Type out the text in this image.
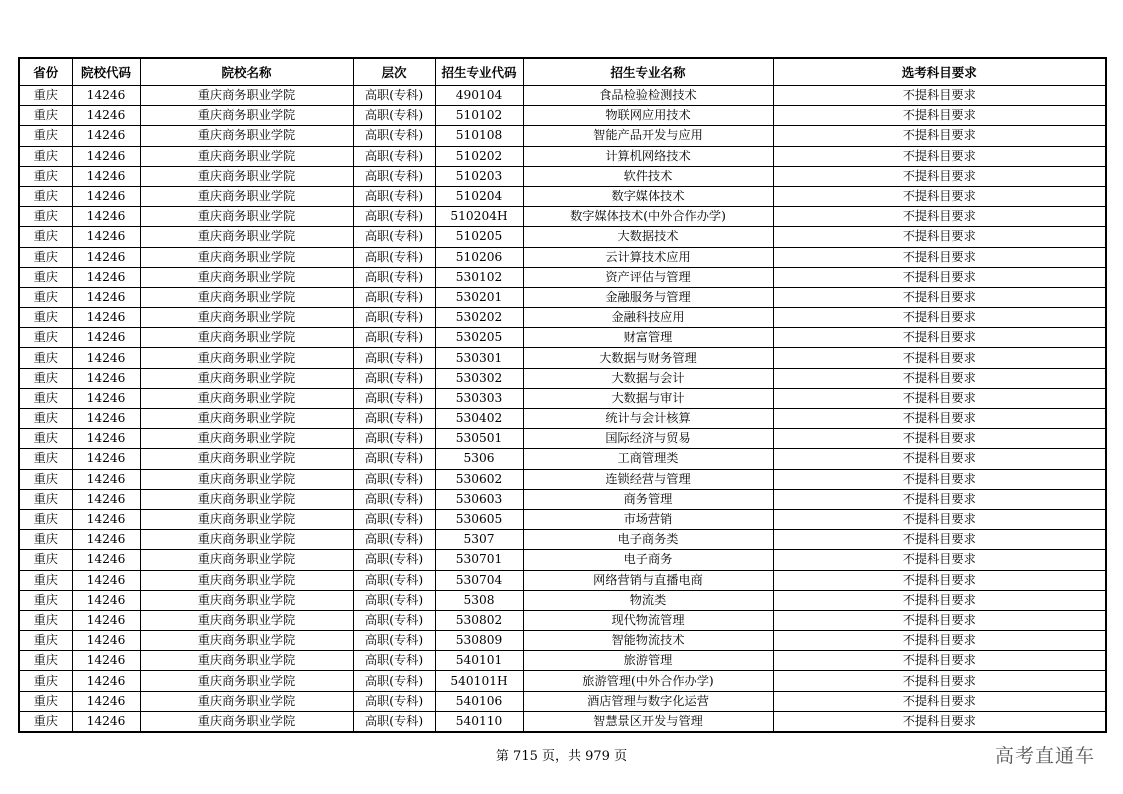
省份	院校代码	院校名称	层次	招生专业代码	招生专业名称	选考科目要求
重庆	14246	重庆商务职业学院	高职(专科)	490104	食品检验检测技术	不提科目要求
重庆	14246	重庆商务职业学院	高职(专科)	510102	物联网应用技术	不提科目要求
重庆	14246	重庆商务职业学院	高职(专科)	510108	智能产品开发与应用	不提科目要求
重庆	14246	重庆商务职业学院	高职(专科)	510202	计算机网络技术	不提科目要求
重庆	14246	重庆商务职业学院	高职(专科)	510203	软件技术	不提科目要求
重庆	14246	重庆商务职业学院	高职(专科)	510204	数字媒体技术	不提科目要求
重庆	14246	重庆商务职业学院	高职(专科)	510204H	数字媒体技术(中外合作办学)	不提科目要求
重庆	14246	重庆商务职业学院	高职(专科)	510205	大数据技术	不提科目要求
重庆	14246	重庆商务职业学院	高职(专科)	510206	云计算技术应用	不提科目要求
重庆	14246	重庆商务职业学院	高职(专科)	530102	资产评估与管理	不提科目要求
重庆	14246	重庆商务职业学院	高职(专科)	530201	金融服务与管理	不提科目要求
重庆	14246	重庆商务职业学院	高职(专科)	530202	金融科技应用	不提科目要求
重庆	14246	重庆商务职业学院	高职(专科)	530205	财富管理	不提科目要求
重庆	14246	重庆商务职业学院	高职(专科)	530301	大数据与财务管理	不提科目要求
重庆	14246	重庆商务职业学院	高职(专科)	530302	大数据与会计	不提科目要求
重庆	14246	重庆商务职业学院	高职(专科)	530303	大数据与审计	不提科目要求
重庆	14246	重庆商务职业学院	高职(专科)	530402	统计与会计核算	不提科目要求
重庆	14246	重庆商务职业学院	高职(专科)	530501	国际经济与贸易	不提科目要求
重庆	14246	重庆商务职业学院	高职(专科)	5306	工商管理类	不提科目要求
重庆	14246	重庆商务职业学院	高职(专科)	530602	连锁经营与管理	不提科目要求
重庆	14246	重庆商务职业学院	高职(专科)	530603	商务管理	不提科目要求
重庆	14246	重庆商务职业学院	高职(专科)	530605	市场营销	不提科目要求
重庆	14246	重庆商务职业学院	高职(专科)	5307	电子商务类	不提科目要求
重庆	14246	重庆商务职业学院	高职(专科)	530701	电子商务	不提科目要求
重庆	14246	重庆商务职业学院	高职(专科)	530704	网络营销与直播电商	不提科目要求
重庆	14246	重庆商务职业学院	高职(专科)	5308	物流类	不提科目要求
重庆	14246	重庆商务职业学院	高职(专科)	530802	现代物流管理	不提科目要求
重庆	14246	重庆商务职业学院	高职(专科)	530809	智能物流技术	不提科目要求
重庆	14246	重庆商务职业学院	高职(专科)	540101	旅游管理	不提科目要求
重庆	14246	重庆商务职业学院	高职(专科)	540101H	旅游管理(中外合作办学)	不提科目要求
重庆	14246	重庆商务职业学院	高职(专科)	540106	酒店管理与数字化运营	不提科目要求
重庆	14246	重庆商务职业学院	高职(专科)	540110	智慧景区开发与管理	不提科目要求
第 715 页，共 979 页	高考直通车
